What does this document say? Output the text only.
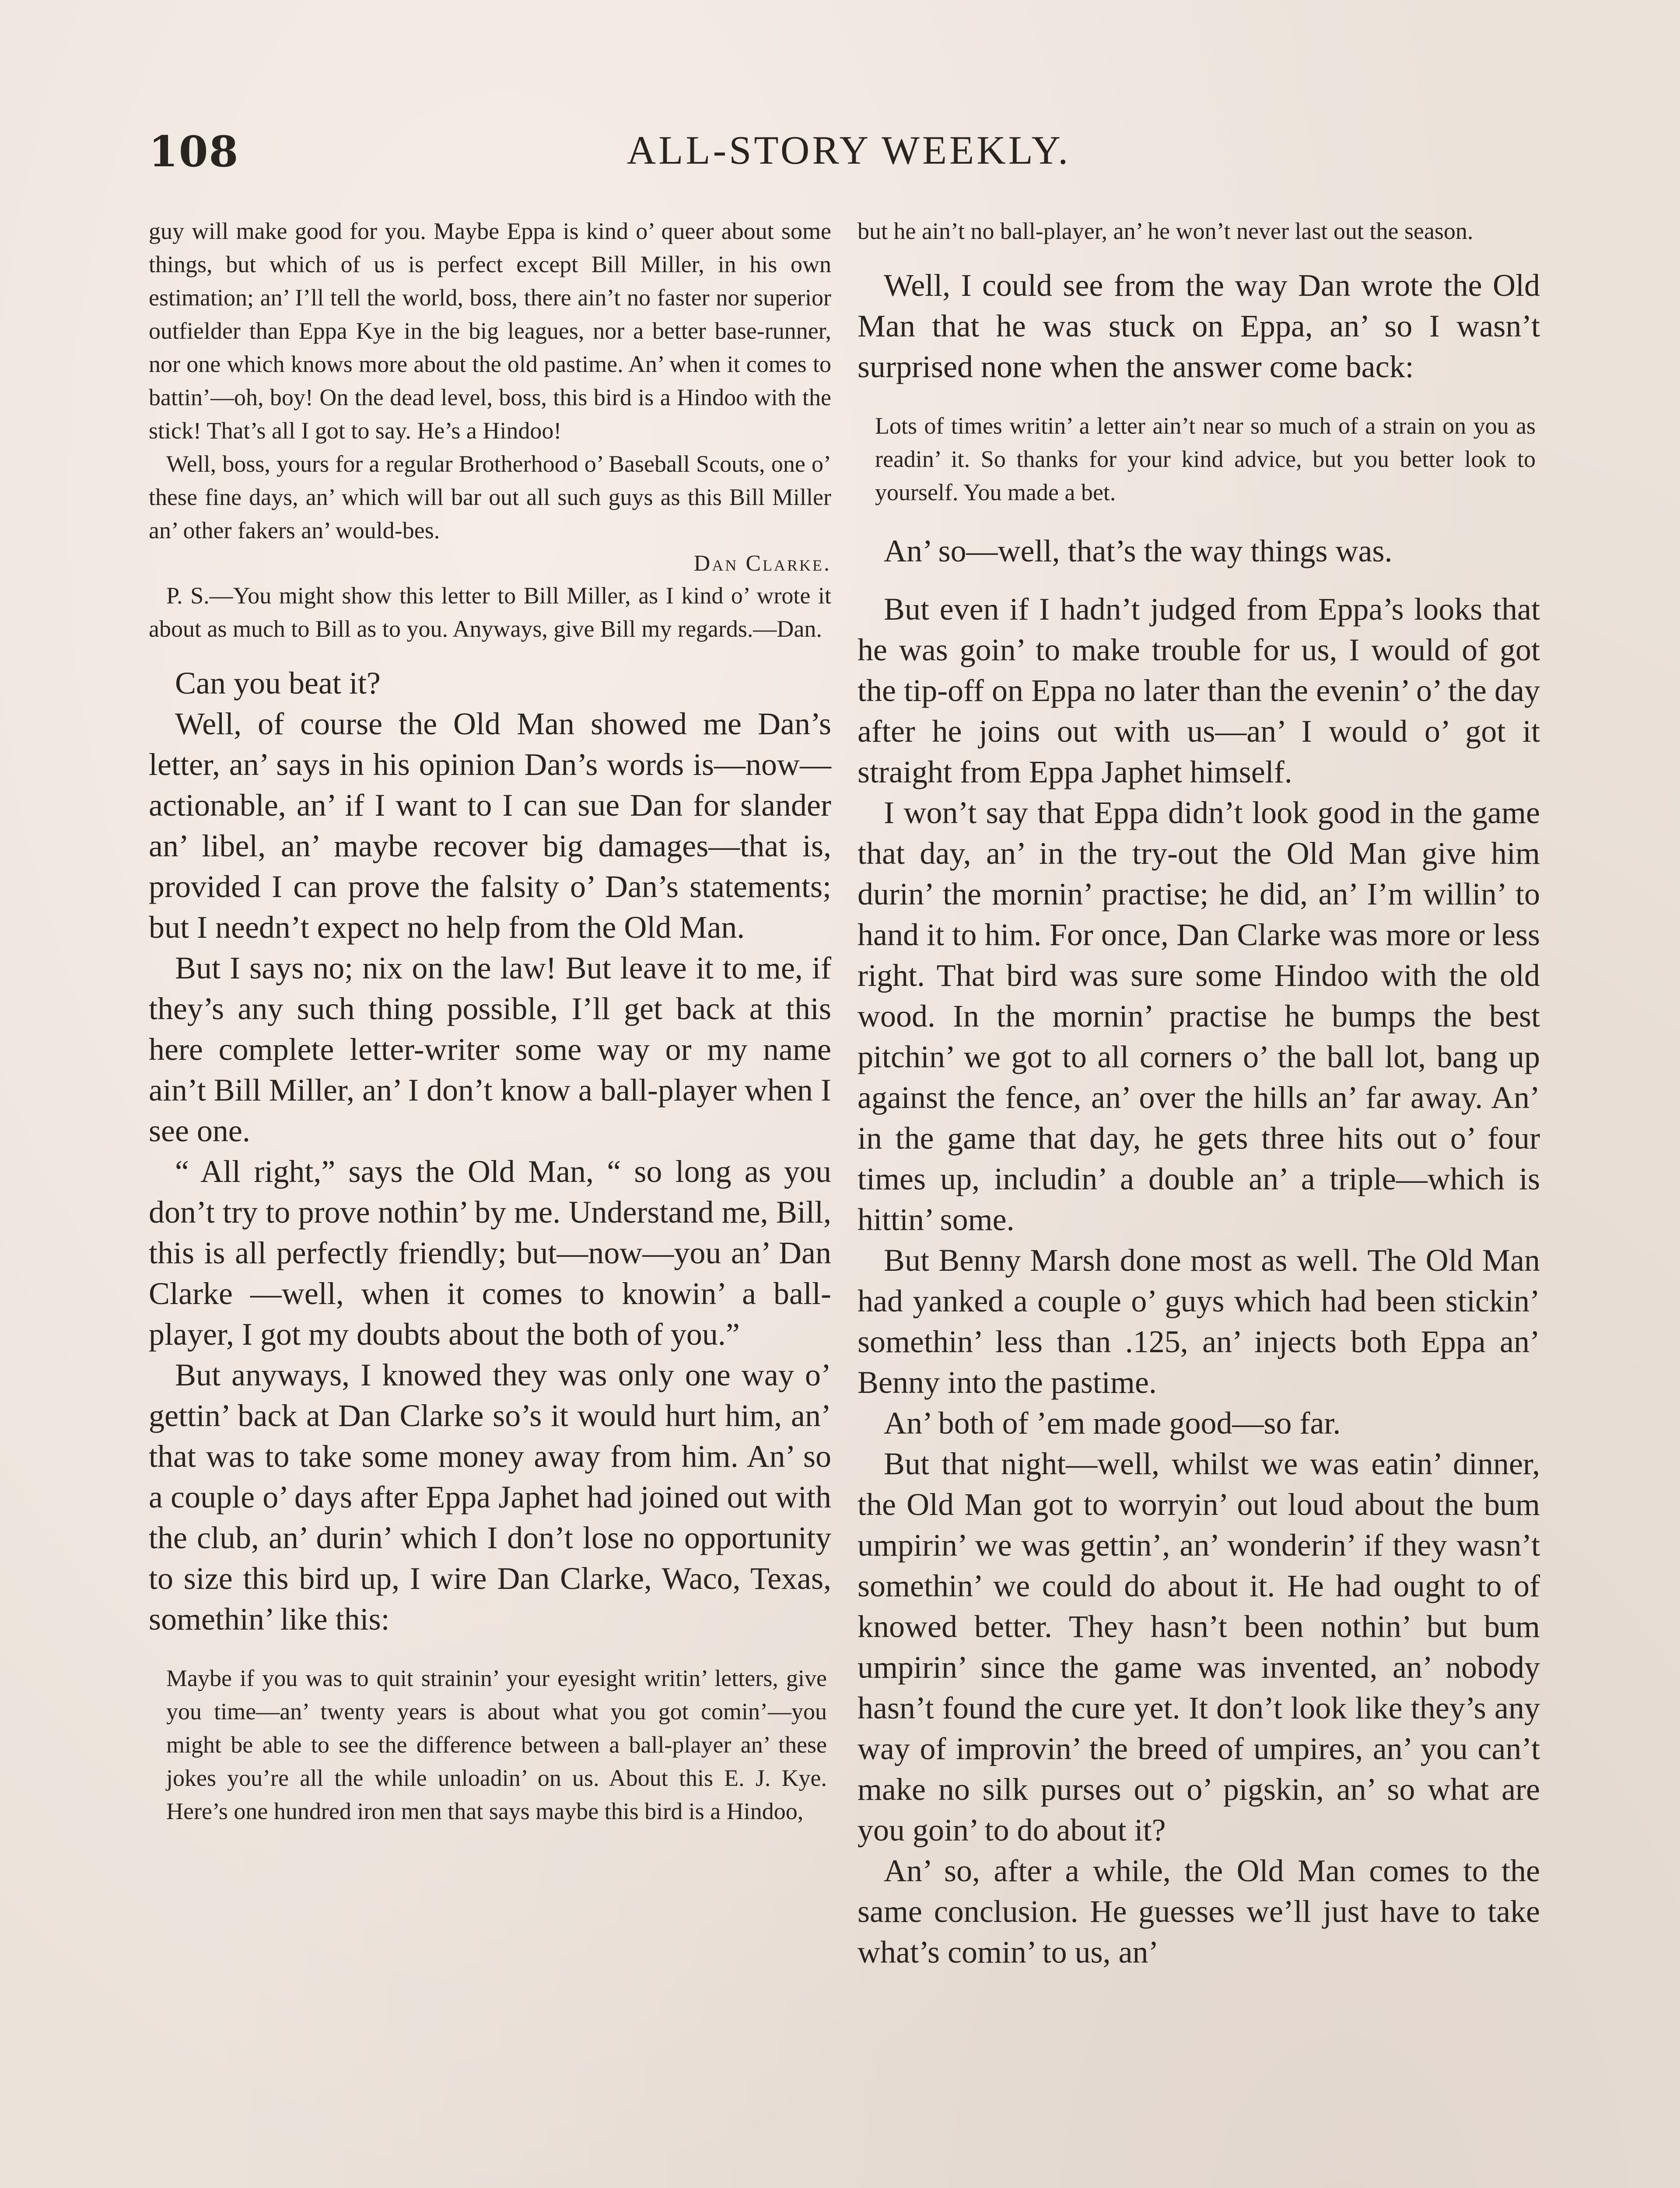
108	ALL-STORY WEEKLY.

guy will make good for you. Maybe Eppa is kind o’ queer about some things, but which of us is perfect except Bill Miller, in his own estimation; an’ I’ll tell the world, boss, there ain’t no faster nor superior outfielder than Eppa Kye in the big leagues, nor a better base-runner, nor one which knows more about the old pastime. An’ when it comes to battin’—oh, boy! On the dead level, boss, this bird is a Hindoo with the stick! That’s all I got to say. He’s a Hindoo!

Well, boss, yours for a regular Brotherhood o’ Baseball Scouts, one o’ these fine days, an’ which will bar out all such guys as this Bill Miller an’ other fakers an’ would-bes.

Dan Clarke.

P. S.—You might show this letter to Bill Miller, as I kind o’ wrote it about as much to Bill as to you. Anyways, give Bill my regards.—Dan.

Can you beat it?

Well, of course the Old Man showed me Dan’s letter, an’ says in his opinion Dan’s words is—now—actionable, an’ if I want to I can sue Dan for slander an’ libel, an’ maybe recover big damages—that is, provided I can prove the falsity o’ Dan’s statements; but I needn’t expect no help from the Old Man.

But I says no; nix on the law! But leave it to me, if they’s any such thing possible, I’ll get back at this here complete letter-writer some way or my name ain’t Bill Miller, an’ I don’t know a ball-player when I see one.

“ All right,” says the Old Man, “ so long as you don’t try to prove nothin’ by me. Understand me, Bill, this is all perfectly friendly; but—now—you an’ Dan Clarke —well, when it comes to knowin’ a ball-player, I got my doubts about the both of you.”

But anyways, I knowed they was only one way o’ gettin’ back at Dan Clarke so’s it would hurt him, an’ that was to take some money away from him. An’ so a couple o’ days after Eppa Japhet had joined out with the club, an’ durin’ which I don’t lose no opportunity to size this bird up, I wire Dan Clarke, Waco, Texas, somethin’ like this:

Maybe if you was to quit strainin’ your eyesight writin’ letters, give you time—an’ twenty years is about what you got comin’—you might be able to see the difference between a ball-player an’ these jokes you’re all the while unloadin’ on us. About this E. J. Kye. Here’s one hundred iron men that says maybe this bird is a Hindoo,

but he ain’t no ball-player, an’ he won’t never last out the season.

Well, I could see from the way Dan wrote the Old Man that he was stuck on Eppa, an’ so I wasn’t surprised none when the answer come back:

Lots of times writin’ a letter ain’t near so much of a strain on you as readin’ it. So thanks for your kind advice, but you better look to yourself. You made a bet.

An’ so—well, that’s the way things was.

But even if I hadn’t judged from Eppa’s looks that he was goin’ to make trouble for us, I would of got the tip-off on Eppa no later than the evenin’ o’ the day after he joins out with us—an’ I would o’ got it straight from Eppa Japhet himself.

I won’t say that Eppa didn’t look good in the game that day, an’ in the try-out the Old Man give him durin’ the mornin’ practise; he did, an’ I’m willin’ to hand it to him. For once, Dan Clarke was more or less right. That bird was sure some Hindoo with the old wood. In the mornin’ practise he bumps the best pitchin’ we got to all corners o’ the ball lot, bang up against the fence, an’ over the hills an’ far away. An’ in the game that day, he gets three hits out o’ four times up, includin’ a double an’ a triple—which is hittin’ some.

But Benny Marsh done most as well. The Old Man had yanked a couple o’ guys which had been stickin’ somethin’ less than .125, an’ injects both Eppa an’ Benny into the pastime.

An’ both of ’em made good—so far.

But that night—well, whilst we was eatin’ dinner, the Old Man got to worryin’ out loud about the bum umpirin’ we was gettin’, an’ wonderin’ if they wasn’t somethin’ we could do about it. He had ought to of knowed better. They hasn’t been nothin’ but bum umpirin’ since the game was invented, an’ nobody hasn’t found the cure yet. It don’t look like they’s any way of improvin’ the breed of umpires, an’ you can’t make no silk purses out o’ pigskin, an’ so what are you goin’ to do about it?

An’ so, after a while, the Old Man comes to the same conclusion. He guesses we’ll just have to take what’s comin’ to us, an’
